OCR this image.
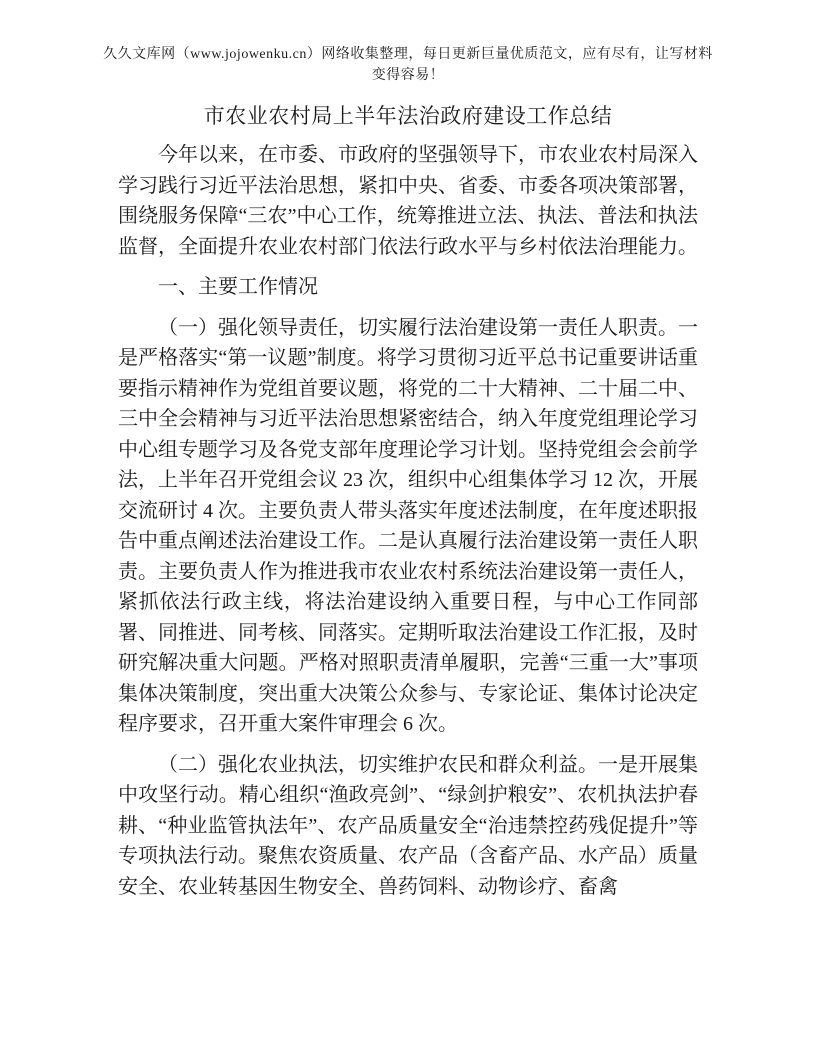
久久文库网（www.jojowenku.cn）网络收集整理，每日更新巨量优质范文，应有尽有，让写材料变得容易！
市农业农村局上半年法治政府建设工作总结

今年以来，在市委、市政府的坚强领导下，市农业农村局深入学习践行习近平法治思想，紧扣中央、省委、市委各项决策部署，围绕服务保障“三农”中心工作，统筹推进立法、执法、普法和执法监督，全面提升农业农村部门依法行政水平与乡村依法治理能力。

一、主要工作情况

（一）强化领导责任，切实履行法治建设第一责任人职责。一是严格落实“第一议题”制度。将学习贯彻习近平总书记重要讲话重要指示精神作为党组首要议题，将党的二十大精神、二十届二中、三中全会精神与习近平法治思想紧密结合，纳入年度党组理论学习中心组专题学习及各党支部年度理论学习计划。坚持党组会会前学法，上半年召开党组会议 23 次，组织中心组集体学习 12 次，开展交流研讨 4 次。主要负责人带头落实年度述法制度，在年度述职报告中重点阐述法治建设工作。二是认真履行法治建设第一责任人职责。主要负责人作为推进我市农业农村系统法治建设第一责任人，紧抓依法行政主线，将法治建设纳入重要日程，与中心工作同部署、同推进、同考核、同落实。定期听取法治建设工作汇报，及时研究解决重大问题。严格对照职责清单履职，完善“三重一大”事项集体决策制度，突出重大决策公众参与、专家论证、集体讨论决定程序要求，召开重大案件审理会 6 次。

（二）强化农业执法，切实维护农民和群众利益。一是开展集中攻坚行动。精心组织“渔政亮剑”、“绿剑护粮安”、农机执法护春耕、“种业监管执法年”、农产品质量安全“治违禁控药残促提升”等专项执法行动。聚焦农资质量、农产品（含畜产品、水产品）质量安全、农业转基因生物安全、兽药饲料、动物诊疗、畜禽
